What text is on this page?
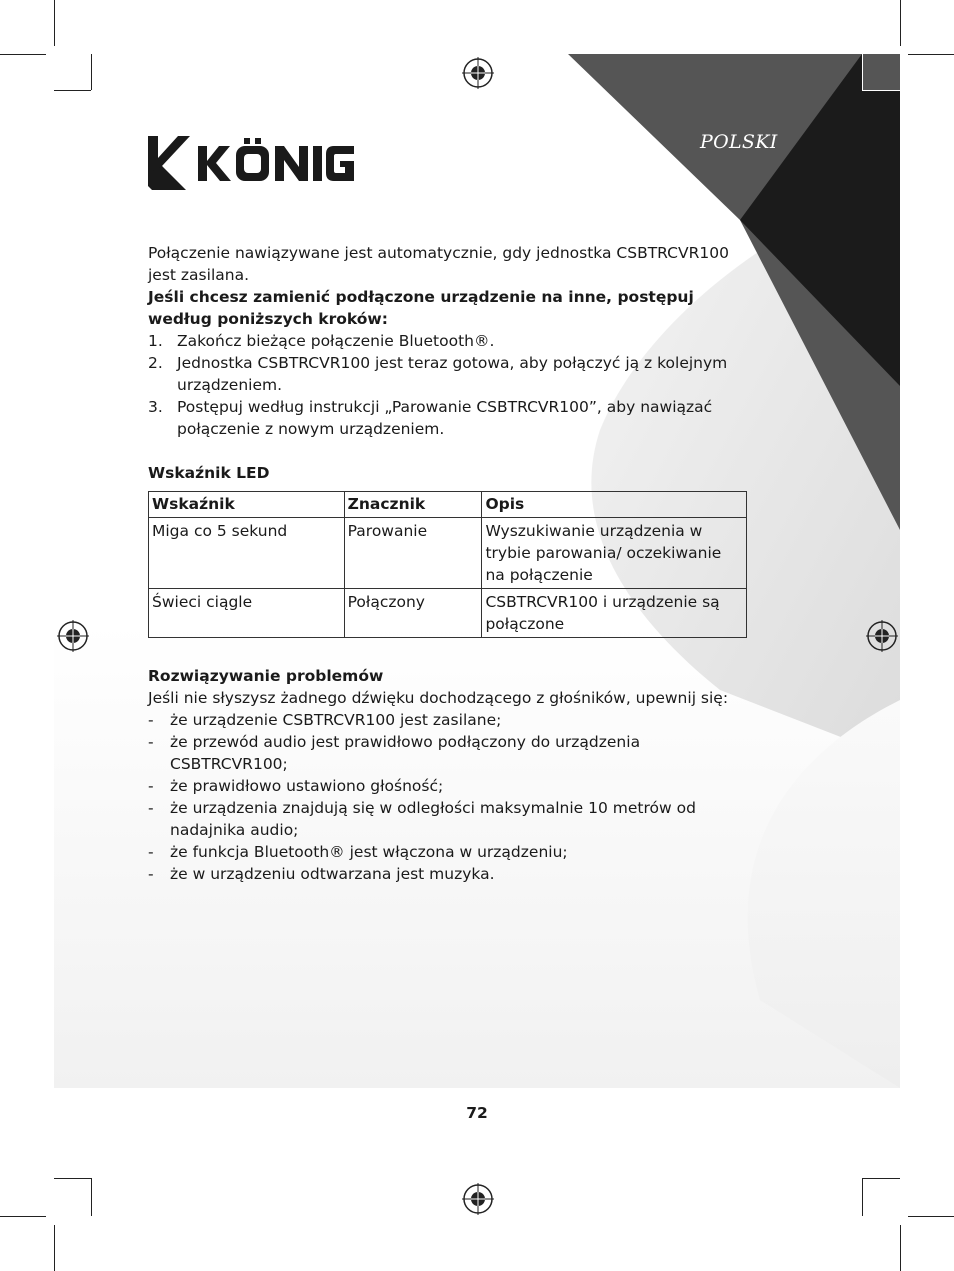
POLSKI

Połączenie nawiązywane jest automatycznie, gdy jednostka CSBTRCVR100 jest zasilana.

Jeśli chcesz zamienić podłączone urządzenie na inne, postępuj według poniższych kroków:

1. Zakończ bieżące połączenie Bluetooth®.
2. Jednostka CSBTRCVR100 jest teraz gotowa, aby połączyć ją z kolejnym urządzeniem.
3. Postępuj według instrukcji „Parowanie CSBTRCVR100”, aby nawiązać połączenie z nowym urządzeniem.

Wskaźnik LED

Wskaźnik	Znacznik	Opis
Miga co 5 sekund	Parowanie	Wyszukiwanie urządzenia w trybie parowania/ oczekiwanie na połączenie
Świeci ciągle	Połączony	CSBTRCVR100 i urządzenie są połączone

Rozwiązywanie problemów

Jeśli nie słyszysz żadnego dźwięku dochodzącego z głośników, upewnij się:

- że urządzenie CSBTRCVR100 jest zasilane;
- że przewód audio jest prawidłowo podłączony do urządzenia CSBTRCVR100;
- że prawidłowo ustawiono głośność;
- że urządzenia znajdują się w odległości maksymalnie 10 metrów od nadajnika audio;
- że funkcja Bluetooth® jest włączona w urządzeniu;
- że w urządzeniu odtwarzana jest muzyka.
72
